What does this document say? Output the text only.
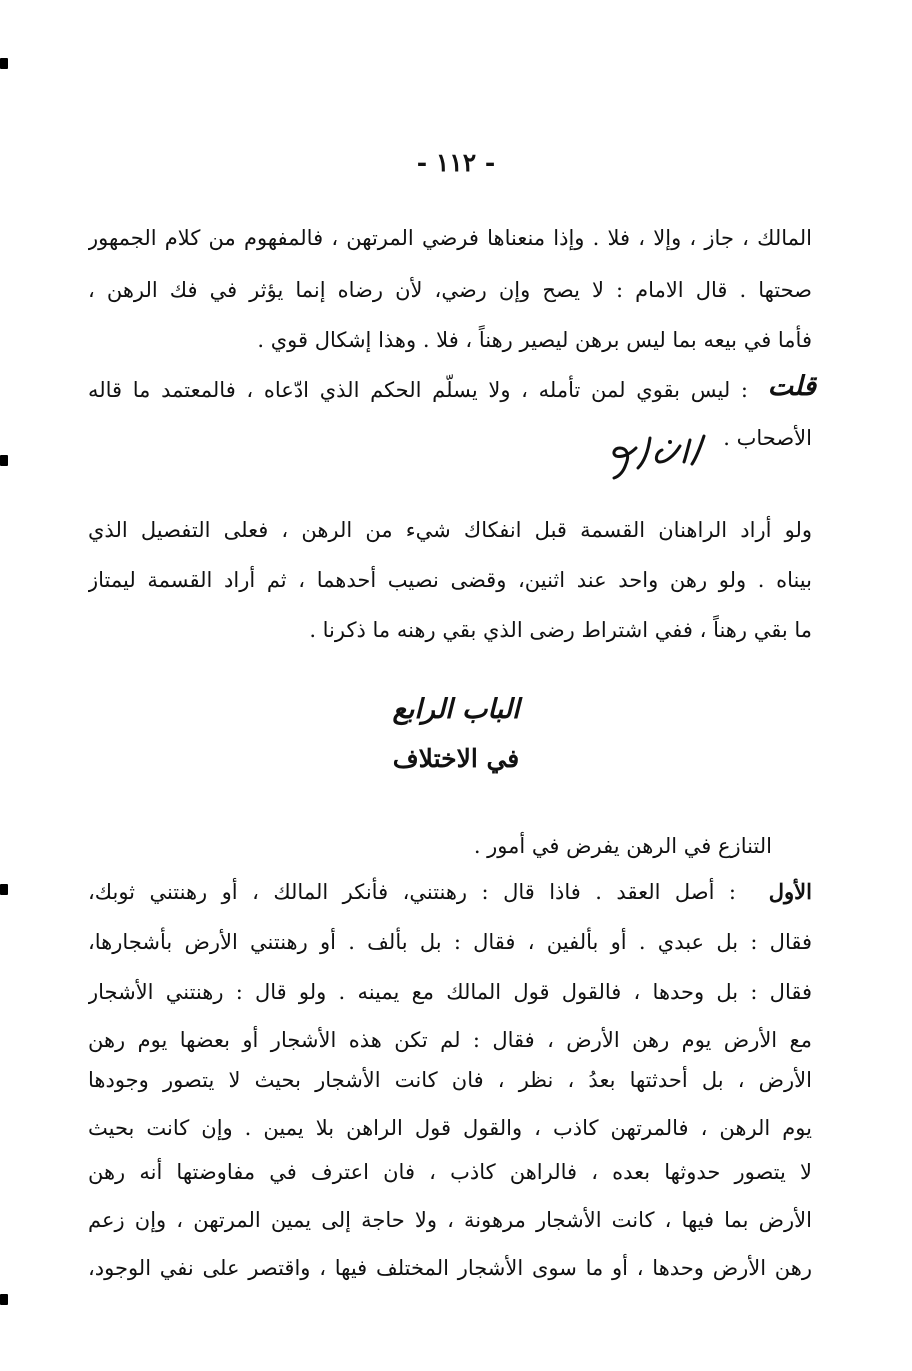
- ١١٢ -
المالك ، جاز ، وإلا ، فلا . وإذا منعناها فرضي المرتهن ، فالمفهوم من كلام الجمهور
صحتها . قال الامام : لا يصح وإن رضي، لأن رضاه إنما يؤثر في فك الرهن ،
فأما في بيعه بما ليس برهن ليصير رهناً ، فلا . وهذا إشكال قوي .
قلت
: ليس بقوي لمن تأمله ، ولا يسلّم الحكم الذي ادّعاه ، فالمعتمد ما قاله
الأصحاب .
ولو أراد الراهنان القسمة قبل انفكاك شيء من الرهن ، فعلى التفصيل الذي
بيناه . ولو رهن واحد عند اثنين، وقضى نصيب أحدهما ، ثم أراد القسمة ليمتاز
ما بقي رهناً ، ففي اشتراط رضى الذي بقي رهنه ما ذكرنا .
الباب الرابع
في الاختلاف
التنازع في الرهن يفرض في أمور .
الأول
: أصل العقد . فاذا قال : رهنتني، فأنكر المالك ، أو رهنتني ثوبك،
فقال : بل عبدي . أو بألفين ، فقال : بل بألف . أو رهنتني الأرض بأشجارها،
فقال : بل وحدها ، فالقول قول المالك مع يمينه . ولو قال : رهنتني الأشجار
مع الأرض يوم رهن الأرض ، فقال : لم تكن هذه الأشجار أو بعضها يوم رهن
الأرض ، بل أحدثتها بعدُ ، نظر ، فان كانت الأشجار بحيث لا يتصور وجودها
يوم الرهن ، فالمرتهن كاذب ، والقول قول الراهن بلا يمين . وإن كانت بحيث
لا يتصور حدوثها بعده ، فالراهن كاذب ، فان اعترف في مفاوضتها أنه رهن
الأرض بما فيها ، كانت الأشجار مرهونة ، ولا حاجة إلى يمين المرتهن ، وإن زعم
رهن الأرض وحدها ، أو ما سوى الأشجار المختلف فيها ، واقتصر على نفي الوجود،
